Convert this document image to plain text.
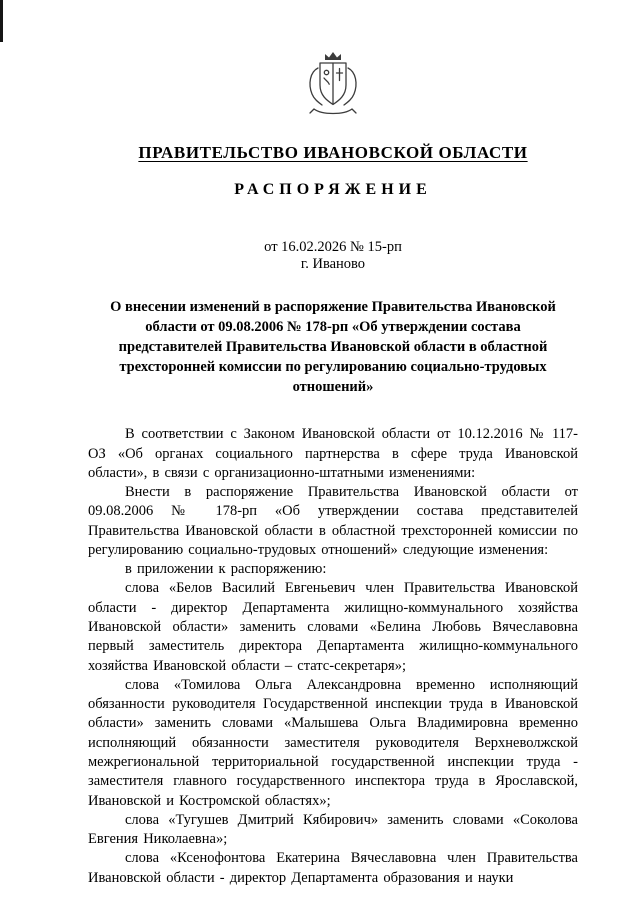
ПРАВИТЕЛЬСТВО ИВАНОВСКОЙ ОБЛАСТИ
РАСПОРЯЖЕНИЕ
от 16.02.2026 № 15-рп
г. Иваново
О внесении изменений в распоряжение Правительства Ивановской области от 09.08.2006 № 178-рп «Об утверждении состава представителей Правительства Ивановской области в областной трехсторонней комиссии по регулированию социально-трудовых отношений»

В соответствии с Законом Ивановской области от 10.12.2016 № 117-ОЗ «Об органах социального партнерства в сфере труда Ивановской области», в связи с организационно-штатными изменениями:

Внести в распоряжение Правительства Ивановской области от 09.08.2006 № 178-рп «Об утверждении состава представителей Правительства Ивановской области в областной трехсторонней комиссии по регулированию социально-трудовых отношений» следующие изменения:

в приложении к распоряжению:

слова «Белов Василий Евгеньевич член Правительства Ивановской области - директор Департамента жилищно-коммунального хозяйства Ивановской области» заменить словами «Белина Любовь Вячеславовна первый заместитель директора Департамента жилищно-коммунального хозяйства Ивановской области – статс-секретаря»;

слова «Томилова Ольга Александровна временно исполняющий обязанности руководителя Государственной инспекции труда в Ивановской области» заменить словами «Малышева Ольга Владимировна временно исполняющий обязанности заместителя руководителя Верхневолжской межрегиональной территориальной государственной инспекции труда - заместителя главного государственного инспектора труда в Ярославской, Ивановской и Костромской областях»;

слова «Тугушев Дмитрий Кябирович» заменить словами «Соколова Евгения Николаевна»;

слова «Ксенофонтова Екатерина Вячеславовна член Правительства Ивановской области - директор Департамента образования и науки
